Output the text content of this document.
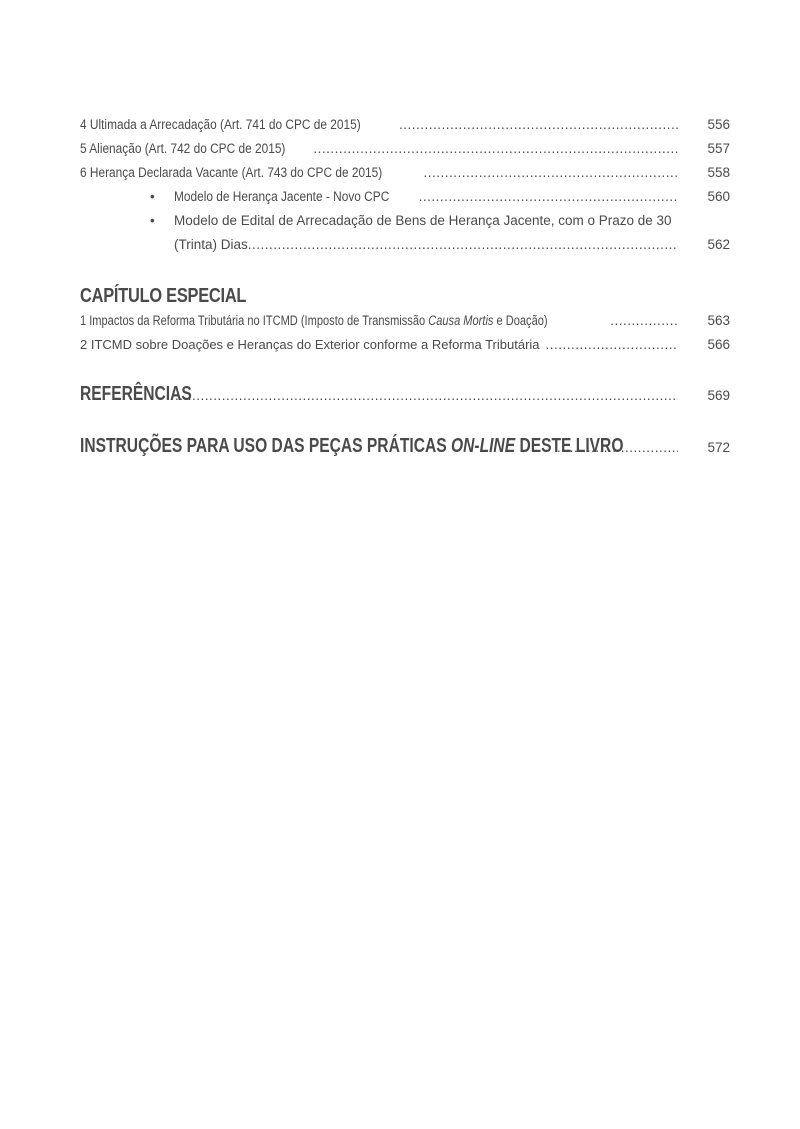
4 Ultimada a Arrecadação (Art. 741 do CPC de 2015) .....	556
5 Alienação (Art. 742 do CPC de 2015) .....	557
6 Herança Declarada Vacante (Art. 743 do CPC de 2015) .....	558
•	Modelo de Herança Jacente - Novo CPC .....	560
•	Modelo de Edital de Arrecadação de Bens de Herança Jacente, com o Prazo de 30
(Trinta) Dias .....	562
CAPÍTULO ESPECIAL
1 Impactos da Reforma Tributária no ITCMD (Imposto de Transmissão Causa Mortis e Doação) .....	563
2 ITCMD sobre Doações e Heranças do Exterior conforme a Reforma Tributária .....	566
REFERÊNCIAS .....	569
INSTRUÇÕES PARA USO DAS PEÇAS PRÁTICAS ON-LINE DESTE LIVRO .....	572
